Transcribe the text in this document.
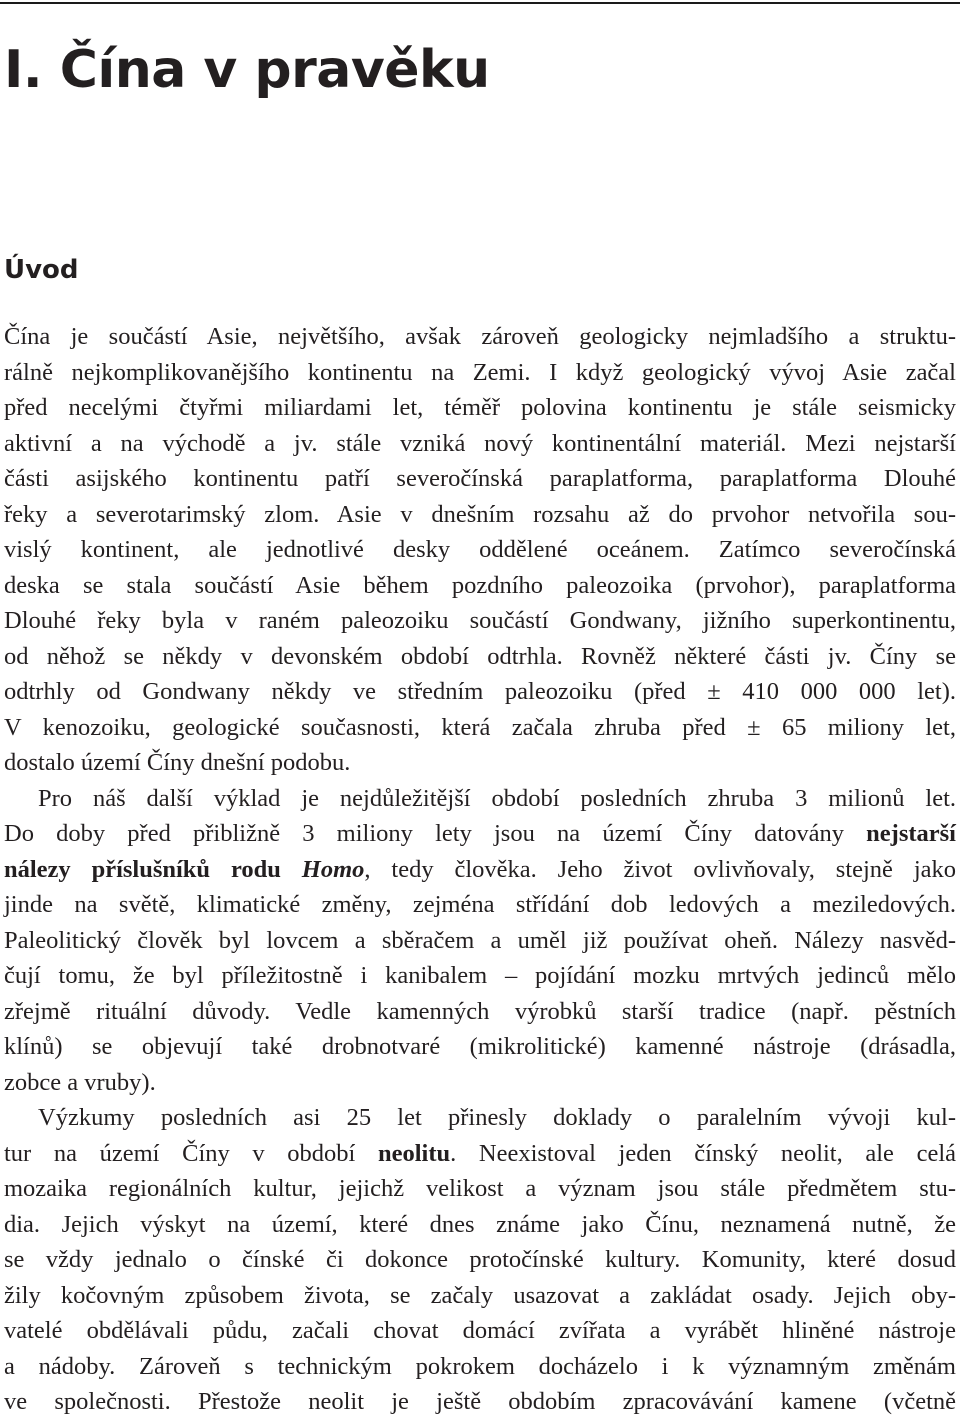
I. Čína v pravěku
Úvod
Čína je součástí Asie, největšího, avšak zároveň geologicky nejmladšího a struktu-
rálně nejkomplikovanějšího kontinentu na Zemi. I když geologický vývoj Asie začal
před necelými čtyřmi miliardami let, téměř polovina kontinentu je stále seismicky
aktivní a na východě a jv. stále vzniká nový kontinentální materiál. Mezi nejstarší
části asijského kontinentu patří severočínská paraplatforma, paraplatforma Dlouhé
řeky a severotarimský zlom. Asie v dnešním rozsahu až do prvohor netvořila sou-
vislý kontinent, ale jednotlivé desky oddělené oceánem. Zatímco severočínská
deska se stala součástí Asie během pozdního paleozoika (prvohor), paraplatforma
Dlouhé řeky byla v raném paleozoiku součástí Gondwany, jižního superkontinentu,
od něhož se někdy v devonském období odtrhla. Rovněž některé části jv. Číny se
odtrhly od Gondwany někdy ve středním paleozoiku (před ± 410 000 000 let).
V kenozoiku, geologické současnosti, která začala zhruba před ± 65 miliony let,
dostalo území Číny dnešní podobu.
Pro náš další výklad je nejdůležitější období posledních zhruba 3 milionů let.
Do doby před přibližně 3 miliony lety jsou na území Číny datovány nejstarší
nálezy příslušníků rodu Homo, tedy člověka. Jeho život ovlivňovaly, stejně jako
jinde na světě, klimatické změny, zejména střídání dob ledových a meziledových.
Paleolitický člověk byl lovcem a sběračem a uměl již používat oheň. Nálezy nasvěd-
čují tomu, že byl příležitostně i kanibalem – pojídání mozku mrtvých jedinců mělo
zřejmě rituální důvody. Vedle kamenných výrobků starší tradice (např. pěstních
klínů) se objevují také drobnotvaré (mikrolitické) kamenné nástroje (drásadla,
zobce a vruby).
Výzkumy posledních asi 25 let přinesly doklady o paralelním vývoji kul-
tur na území Číny v období neolitu. Neexistoval jeden čínský neolit, ale celá
mozaika regionálních kultur, jejichž velikost a význam jsou stále předmětem stu-
dia. Jejich výskyt na území, které dnes známe jako Čínu, neznamená nutně, že
se vždy jednalo o čínské či dokonce protočínské kultury. Komunity, které dosud
žily kočovným způsobem života, se začaly usazovat a zakládat osady. Jejich oby-
vatelé obdělávali půdu, začali chovat domácí zvířata a vyrábět hliněné nástroje
a nádoby. Zároveň s technickým pokrokem docházelo i k významným změnám
ve společnosti. Přestože neolit je ještě obdobím zpracovávání kamene (včetně
